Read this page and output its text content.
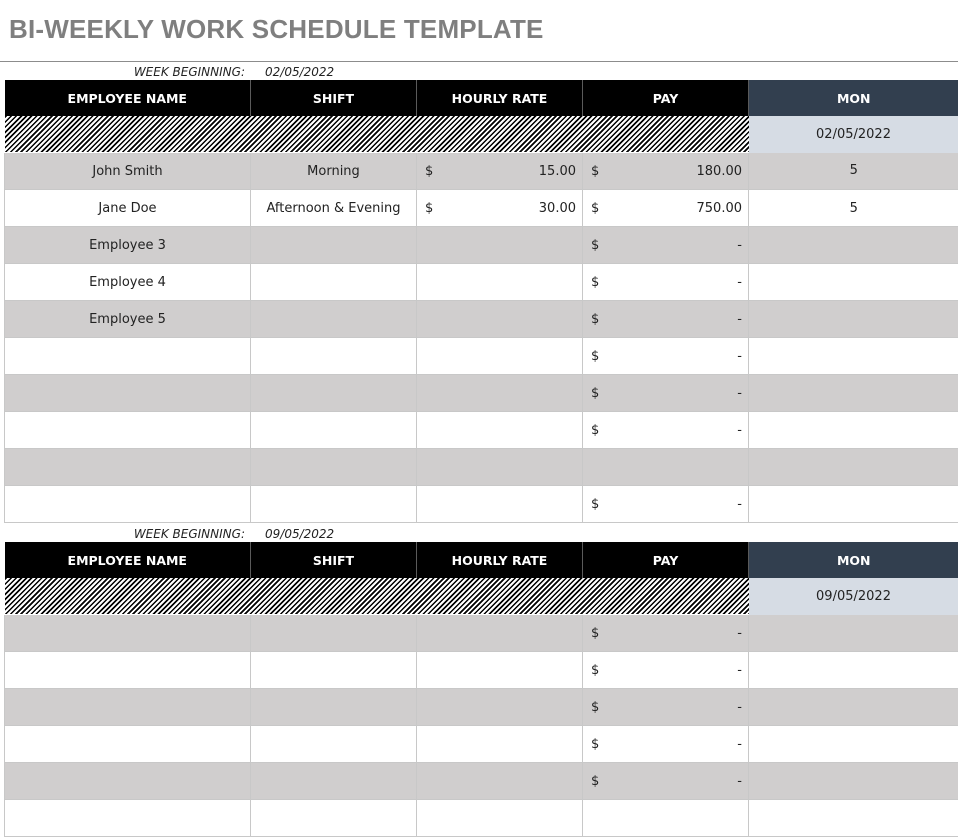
BI-WEEKLY WORK SCHEDULE TEMPLATE
WEEK BEGINNING: 02/05/2022
EMPLOYEE NAME	SHIFT	HOURLY RATE	PAY	MON
				02/05/2022
John Smith	Morning	$ 15.00	$ 180.00	5
Jane Doe	Afternoon & Evening	$ 30.00	$ 750.00	5
Employee 3			$ -	

Employee 4			$ -	

Employee 5			$ -	

			$ -	

			$ -	

			$ -	

			$ -	

WEEK BEGINNING: 09/05/2022
EMPLOYEE NAME	SHIFT	HOURLY RATE	PAY	MON
				09/05/2022

			$ -	

			$ -	

			$ -	

			$ -	

			$ -	
